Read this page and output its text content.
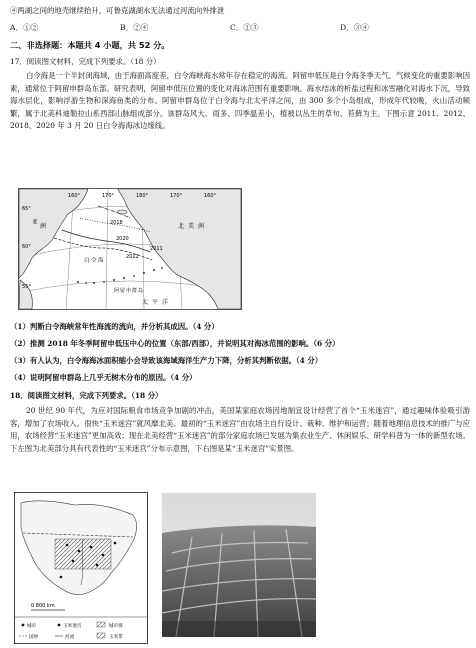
④两湖之间的地壳继续抬升，可鲁克湖湖水无法通过河流向外排泄
A．①②	B．②④	C．①③	D．③④
二、非选择题：本题共 4 小题，共 52 分。
17．阅读图文材料，完成下列要求。（18 分）
白令海是一个半封闭海域，由于海面高度差，白令海峡海水常年存在稳定的海流。阿留申低压是白令海冬季天气、气候变化的重要影响因素，通常位于阿留申群岛东部。研究表明，阿留申低压位置的变化对海冰范围有重要影响。海水结冰的析盐过程和冰雪融化对海水下沉，导致海水层化，影响浮游生物和深海鱼类的分布。阿留申群岛位于白令海与北太平洋之间，由 300 多个小岛组成，形成年代较晚，火山活动频繁，属于北美科迪勒拉山系西部山脉组成部分。该群岛风大、雨多、四季温差小，植被以丛生的草句、苔藓为主。下图示意 2011、2012、2018、2020 年 3 月 20 日白令海海冰边缘线。
65°
60°
55°
160°	170°	180°	170°	160°
2018
2020
2012
2011
亚
洲	北 美 洲
白 令 海
阿 留 申 群 岛
太 平 洋
（1）判断白令海峡常年性海流的流向，并分析其成因。（4 分）
（2）推测 2018 年冬季阿留申低压中心的位置（东部/西部），并说明其对海冰范围的影响。（6 分）
（3）有人认为，白令海海冰面积缩小会导致该海域海洋生产力下降，分析其判断依据。（4 分）
（4）说明阿留申群岛上几乎无树木分布的原因。（4 分）
18．阅读图文材料，完成下列要求。（18 分）
20 世纪 90 年代，为应对国际粮食市场竞争加剧的冲击，美国某家庭农场因地制宜设计经营了首个“玉米迷宫”，通过趣味体验吸引游客，增加了农场收入。很快“玉米迷宫”就风靡北美。最初的“玉米迷宫”由农场主自行设计、栽种、维护和运营；随着地理信息技术的推广与应用，农场经营“玉米迷宫”更加高效；现在北美经营“玉米迷宫”的部分家庭农场已发展为集农业生产、休闲娱乐、研学科普为一体的新型农场。下左图为北美部分具有代表性的“玉米迷宫”分布示意图，下右图是某“玉米迷宫”实景图。
0 800 km
城市	玉米迷宫	城市群
国界	河流	玉米带
